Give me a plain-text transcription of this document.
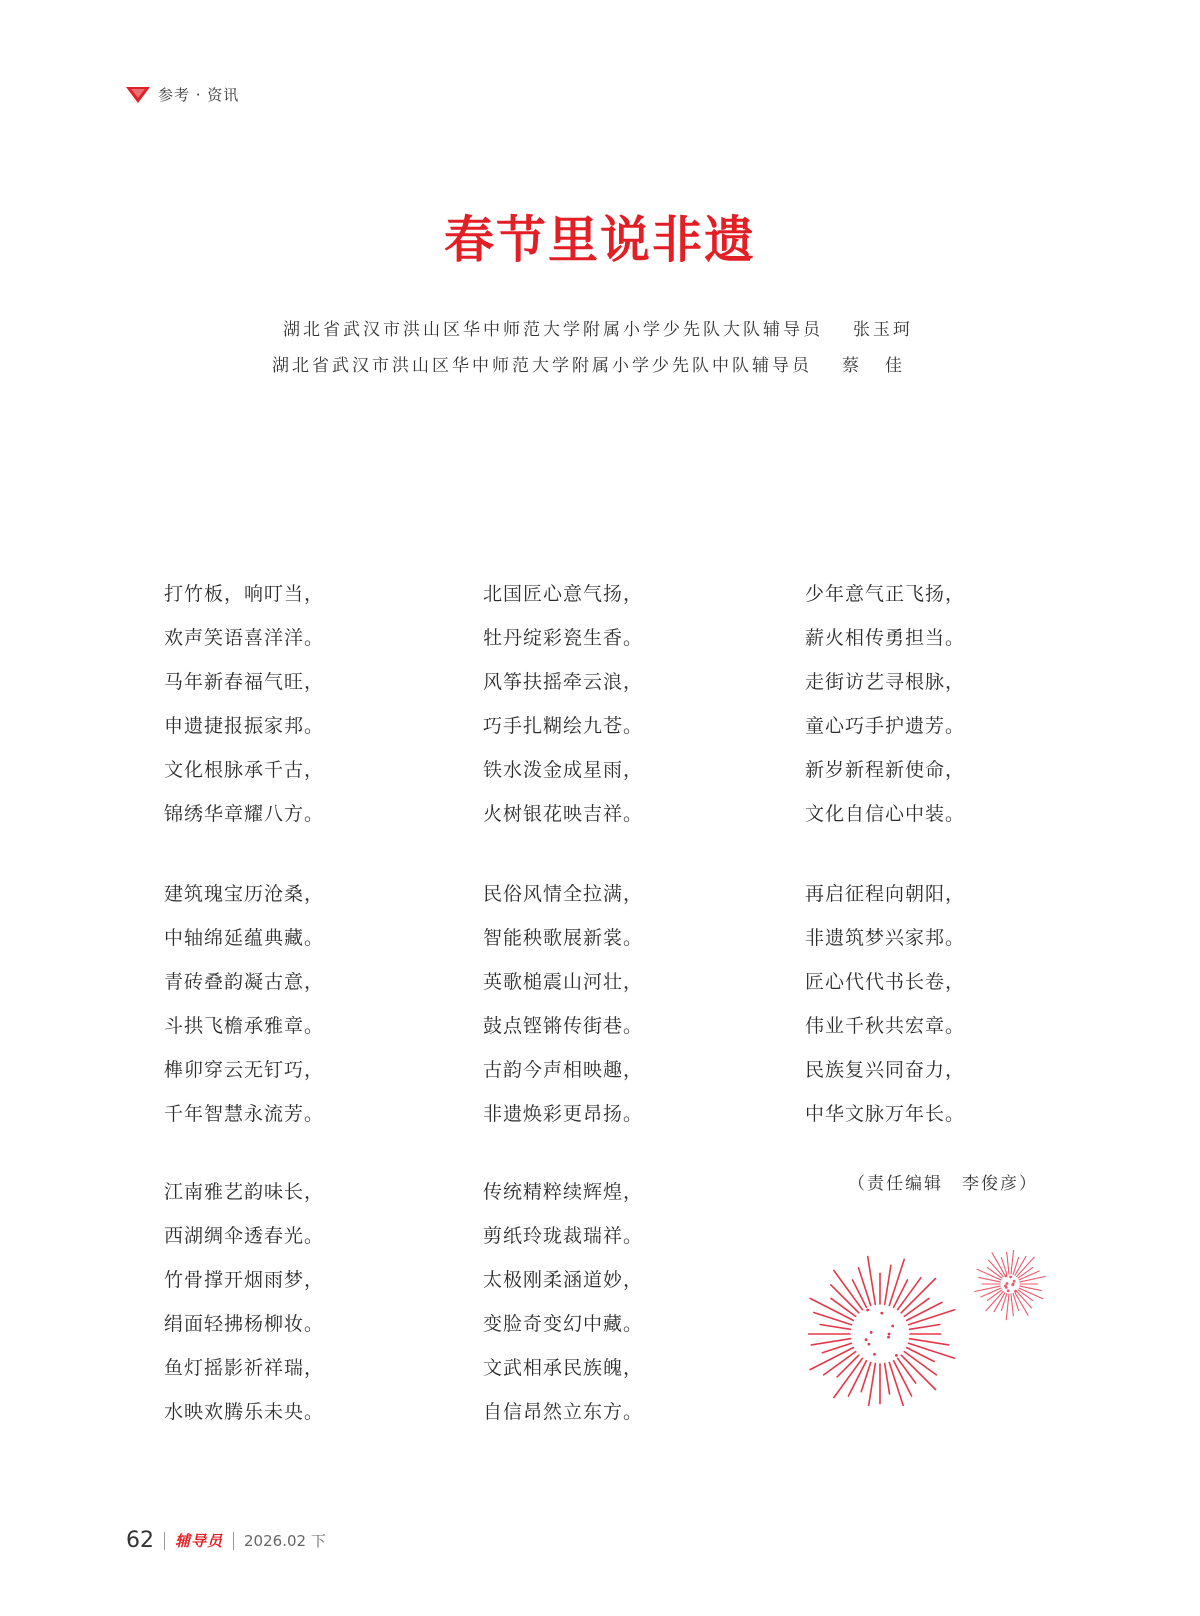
参考 · 资讯
春节里说非遗
湖北省武汉市洪山区华中师范大学附属小学少先队大队辅导员 张玉珂
湖北省武汉市洪山区华中师范大学附属小学少先队中队辅导员 蔡佳
打竹板，响叮当，
欢声笑语喜洋洋。
马年新春福气旺，
申遗捷报振家邦。
文化根脉承千古，
锦绣华章耀八方。
北国匠心意气扬，
牡丹绽彩瓷生香。
风筝扶摇牵云浪，
巧手扎糊绘九苍。
铁水泼金成星雨，
火树银花映吉祥。
少年意气正飞扬，
薪火相传勇担当。
走街访艺寻根脉，
童心巧手护遗芳。
新岁新程新使命，
文化自信心中装。
建筑瑰宝历沧桑，
中轴绵延蕴典藏。
青砖叠韵凝古意，
斗拱飞檐承雅章。
榫卯穿云无钉巧，
千年智慧永流芳。
民俗风情全拉满，
智能秧歌展新裳。
英歌槌震山河壮，
鼓点铿锵传街巷。
古韵今声相映趣，
非遗焕彩更昂扬。
再启征程向朝阳，
非遗筑梦兴家邦。
匠心代代书长卷，
伟业千秋共宏章。
民族复兴同奋力，
中华文脉万年长。
（责任编辑　李俊彦）
江南雅艺韵味长，
西湖绸伞透春光。
竹骨撑开烟雨梦，
绢面轻拂杨柳妆。
鱼灯摇影祈祥瑞，
水映欢腾乐未央。
传统精粹续辉煌，
剪纸玲珑裁瑞祥。
太极刚柔涵道妙，
变脸奇变幻中藏。
文武相承民族魄，
自信昂然立东方。
62 辅导员 2026.02 下
